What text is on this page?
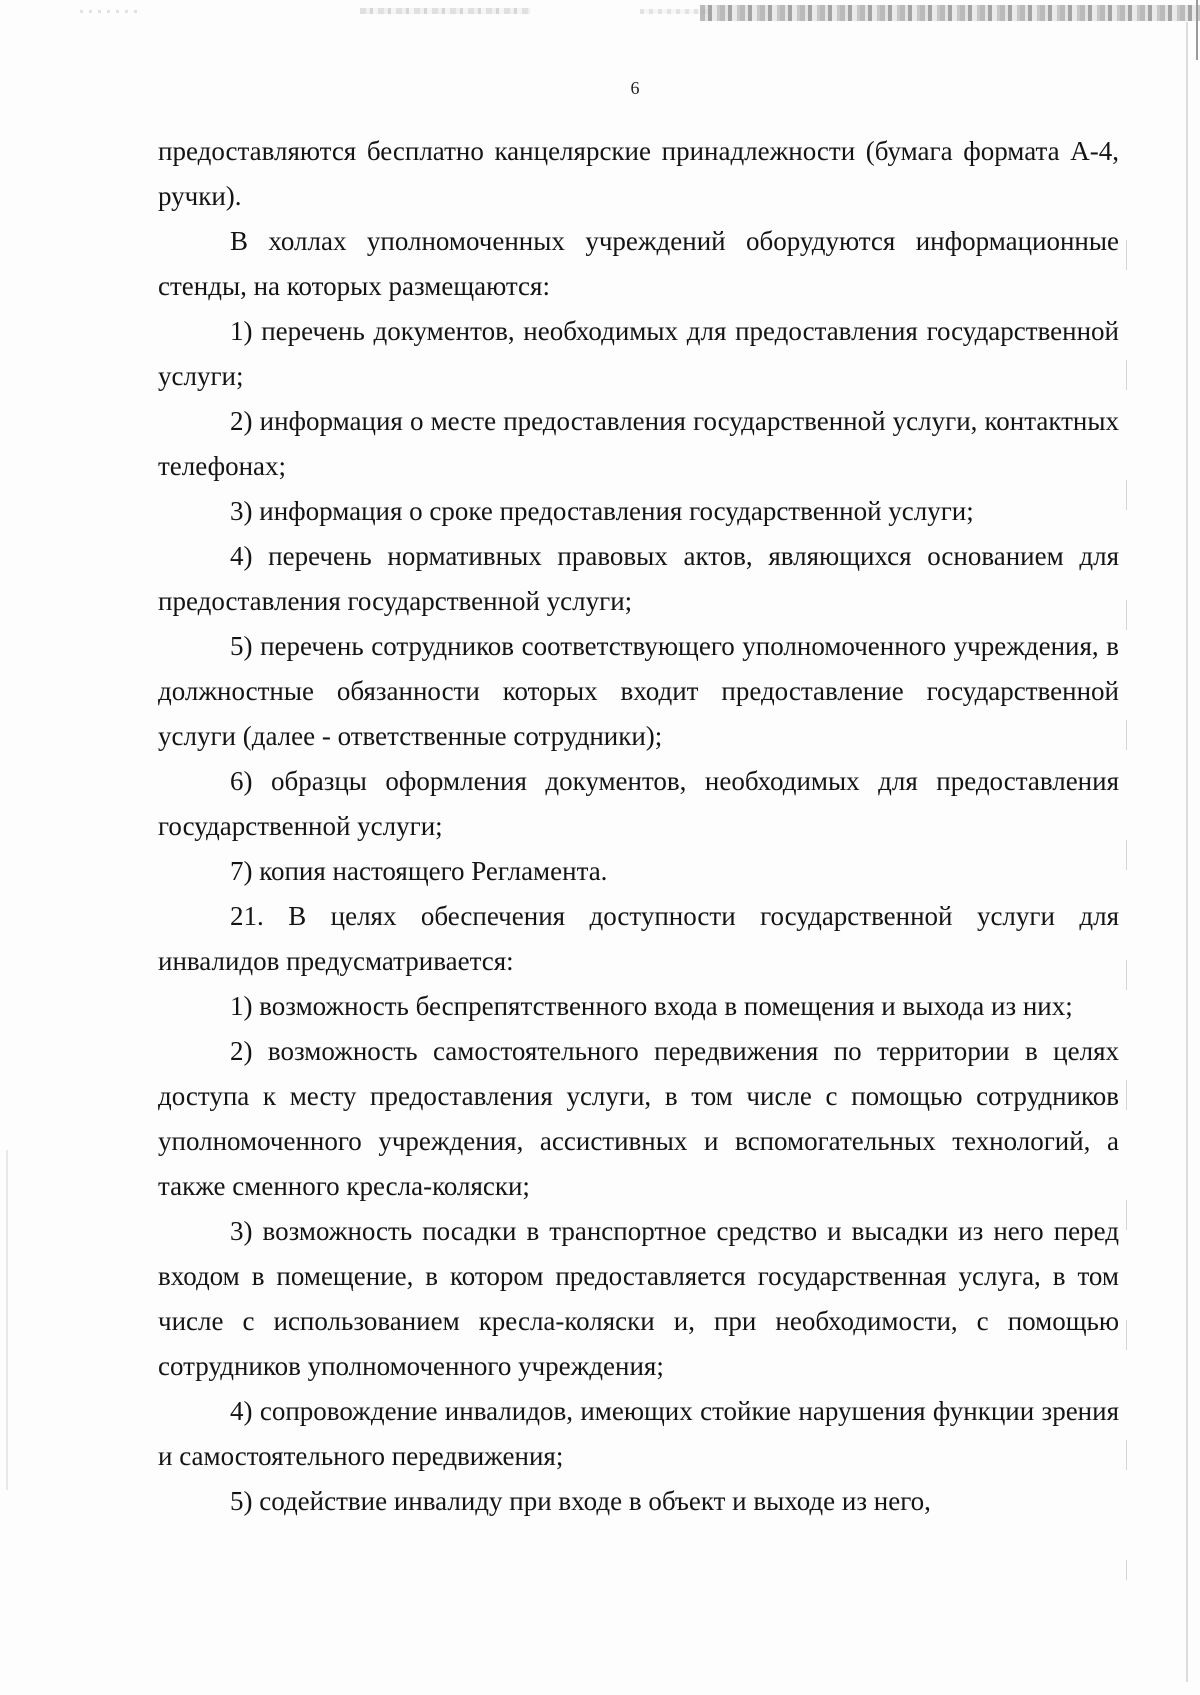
6

предоставляются бесплатно канцелярские принадлежности (бумага формата А-4, ручки).

В холлах уполномоченных учреждений оборудуются информационные стенды, на которых размещаются:

1) перечень документов, необходимых для предоставления государственной услуги;

2) информация о месте предоставления государственной услуги, контактных телефонах;

3) информация о сроке предоставления государственной услуги;

4) перечень нормативных правовых актов, являющихся основанием для предоставления государственной услуги;

5) перечень сотрудников соответствующего уполномоченного учреждения, в должностные обязанности которых входит предоставление государственной услуги (далее - ответственные сотрудники);

6) образцы оформления документов, необходимых для предоставления государственной услуги;

7) копия настоящего Регламента.

21. В целях обеспечения доступности государственной услуги для инвалидов предусматривается:

1) возможность беспрепятственного входа в помещения и выхода из них;

2) возможность самостоятельного передвижения по территории в целях доступа к месту предоставления услуги, в том числе с помощью сотрудников уполномоченного учреждения, ассистивных и вспомогательных технологий, а также сменного кресла-коляски;

3) возможность посадки в транспортное средство и высадки из него перед входом в помещение, в котором предоставляется государственная услуга, в том числе с использованием кресла-коляски и, при необходимости, с помощью сотрудников уполномоченного учреждения;

4) сопровождение инвалидов, имеющих стойкие нарушения функции зрения и самостоятельного передвижения;

5) содействие инвалиду при входе в объект и выходе из него,
